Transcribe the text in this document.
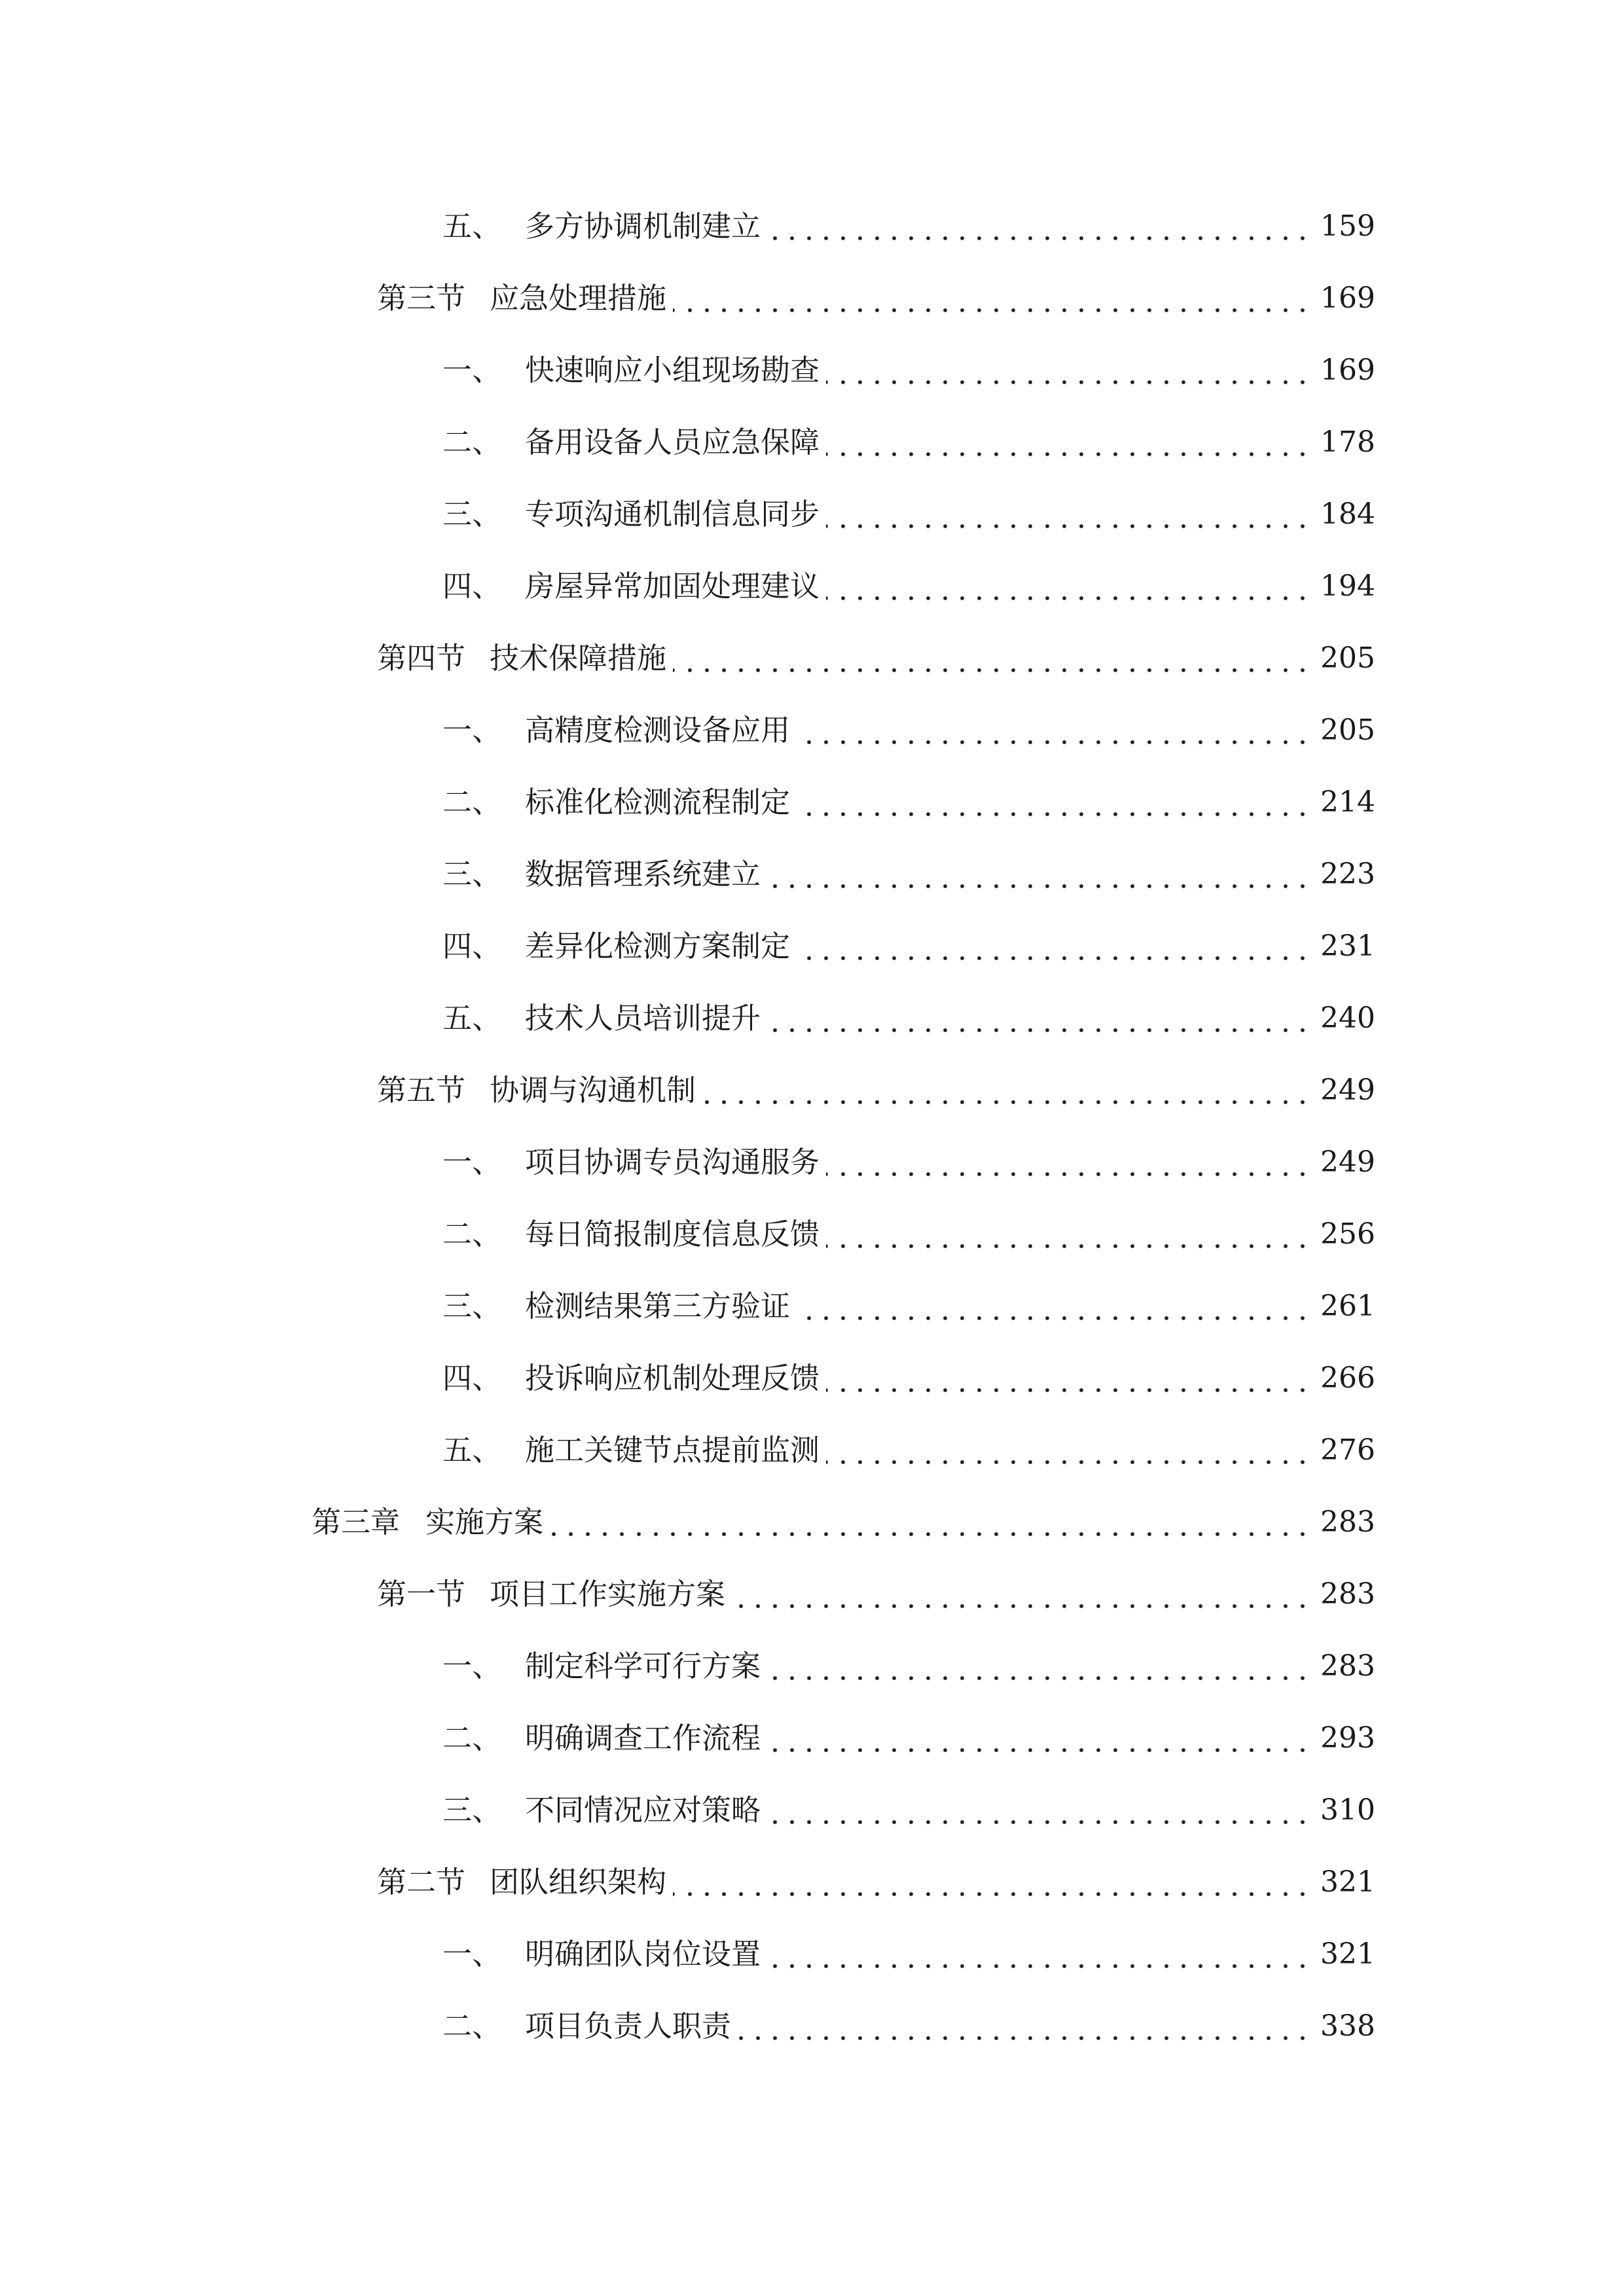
五、 多方协调机制建立	159
第三节 应急处理措施	169
一、 快速响应小组现场勘查	169
二、 备用设备人员应急保障	178
三、 专项沟通机制信息同步	184
四、 房屋异常加固处理建议	194
第四节 技术保障措施	205
一、 高精度检测设备应用	205
二、 标准化检测流程制定	214
三、 数据管理系统建立	223
四、 差异化检测方案制定	231
五、 技术人员培训提升	240
第五节 协调与沟通机制	249
一、 项目协调专员沟通服务	249
二、 每日简报制度信息反馈	256
三、 检测结果第三方验证	261
四、 投诉响应机制处理反馈	266
五、 施工关键节点提前监测	276
第三章 实施方案	283
第一节 项目工作实施方案	283
一、 制定科学可行方案	283
二、 明确调查工作流程	293
三、 不同情况应对策略	310
第二节 团队组织架构	321
一、 明确团队岗位设置	321
二、 项目负责人职责	338
